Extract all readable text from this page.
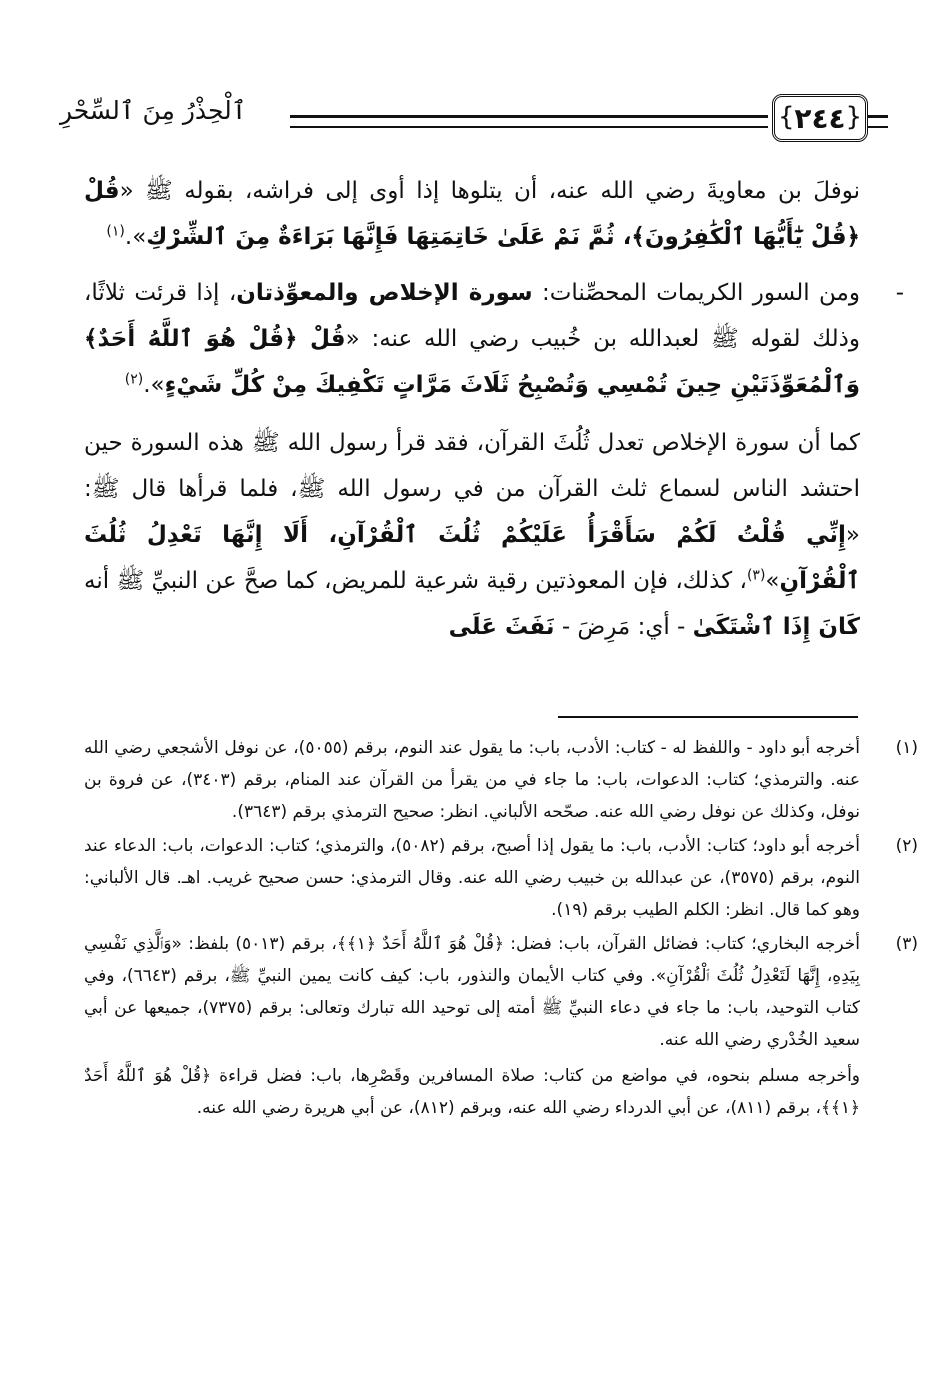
ٱلْحِذْرُ مِنَ ٱلسِّحْرِ	{ ٢٤٤ }

نوفلَ بن معاويةَ رضي الله عنه، أن يتلوها إذا أوى إلى فراشه، بقوله ﷺ «قُلْ ﴿قُلْ يَٰٓأَيُّهَا ٱلْكَٰفِرُونَ﴾، ثُمَّ نَمْ عَلَىٰ خَاتِمَتِهَا فَإِنَّهَا بَرَاءَةٌ مِنَ ٱلشِّرْكِ».$^{(١)}$

-
ومن السور الكريمات المحصِّنات: سورة الإخلاص والمعوِّذتان، إذا قرئت ثلاثًا، وذلك لقوله ﷺ لعبدالله بن خُبيب رضي الله عنه: «قُلْ ﴿قُلْ هُوَ ٱللَّهُ أَحَدٌ﴾ وَٱلْمُعَوِّذَتَيْنِ حِينَ تُمْسِي وَتُصْبِحُ ثَلَاثَ مَرَّاتٍ تَكْفِيكَ مِنْ كُلِّ شَيْءٍ».$^{(٢)}$

كما أن سورة الإخلاص تعدل ثُلُثَ القرآن، فقد قرأ رسول الله ﷺ هذه السورة حين احتشد الناس لسماع ثلث القرآن من في رسول الله ﷺ، فلما قرأها قال ﷺ: «إِنِّي قُلْتُ لَكُمْ سَأَقْرَأُ عَلَيْكُمْ ثُلُثَ ٱلْقُرْآنِ، أَلَا إِنَّهَا تَعْدِلُ ثُلُثَ ٱلْقُرْآنِ»$^{(٣)}$، كذلك، فإن المعوذتين رقية شرعية للمريض، كما صحَّ عن النبيِّ ﷺ أنه كَانَ إِذَا ٱشْتَكَىٰ - أي: مَرِضَ - نَفَثَ عَلَى

(١)
أخرجه أبو داود - واللفظ له - كتاب: الأدب، باب: ما يقول عند النوم، برقم (٥٠٥٥)، عن نوفل الأشجعي رضي الله عنه. والترمذي؛ كتاب: الدعوات، باب: ما جاء في من يقرأ من القرآن عند المنام، برقم (٣٤٠٣)، عن فروة بن نوفل، وكذلك عن نوفل رضي الله عنه. صحّحه الألباني. انظر: صحيح الترمذي برقم (٣٦٤٣).
(٢)
أخرجه أبو داود؛ كتاب: الأدب، باب: ما يقول إذا أصبح، برقم (٥٠٨٢)، والترمذي؛ كتاب: الدعوات، باب: الدعاء عند النوم، برقم (٣٥٧٥)، عن عبدالله بن خبيب رضي الله عنه. وقال الترمذي: حسن صحيح غريب. اهـ. قال الألباني: وهو كما قال. انظر: الكلم الطيب برقم (١٩).
(٣)
أخرجه البخاري؛ كتاب: فضائل القرآن، باب: فضل: ﴿قُلْ هُوَ ٱللَّهُ أَحَدٌ ﴿١﴾﴾، برقم (٥٠١٣) بلفظ: «وَٱلَّذِي نَفْسِي بِيَدِهِ، إِنَّهَا لَتَعْدِلُ ثُلُثَ ٱلْقُرْآنِ». وفي كتاب الأيمان والنذور، باب: كيف كانت يمين النبيِّ ﷺ، برقم (٦٦٤٣)، وفي كتاب التوحيد، باب: ما جاء في دعاء النبيِّ ﷺ أمته إلى توحيد الله تبارك وتعالى: برقم (٧٣٧٥)، جميعها عن أبي سعيد الخُدْري رضي الله عنه.
وأخرجه مسلم بنحوه، في مواضع من كتاب: صلاة المسافرين وقَصْرِها، باب: فضل قراءة ﴿قُلْ هُوَ ٱللَّهُ أَحَدٌ ﴿١﴾﴾، برقم (٨١١)، عن أبي الدرداء رضي الله عنه، وبرقم (٨١٢)، عن أبي هريرة رضي الله عنه.
